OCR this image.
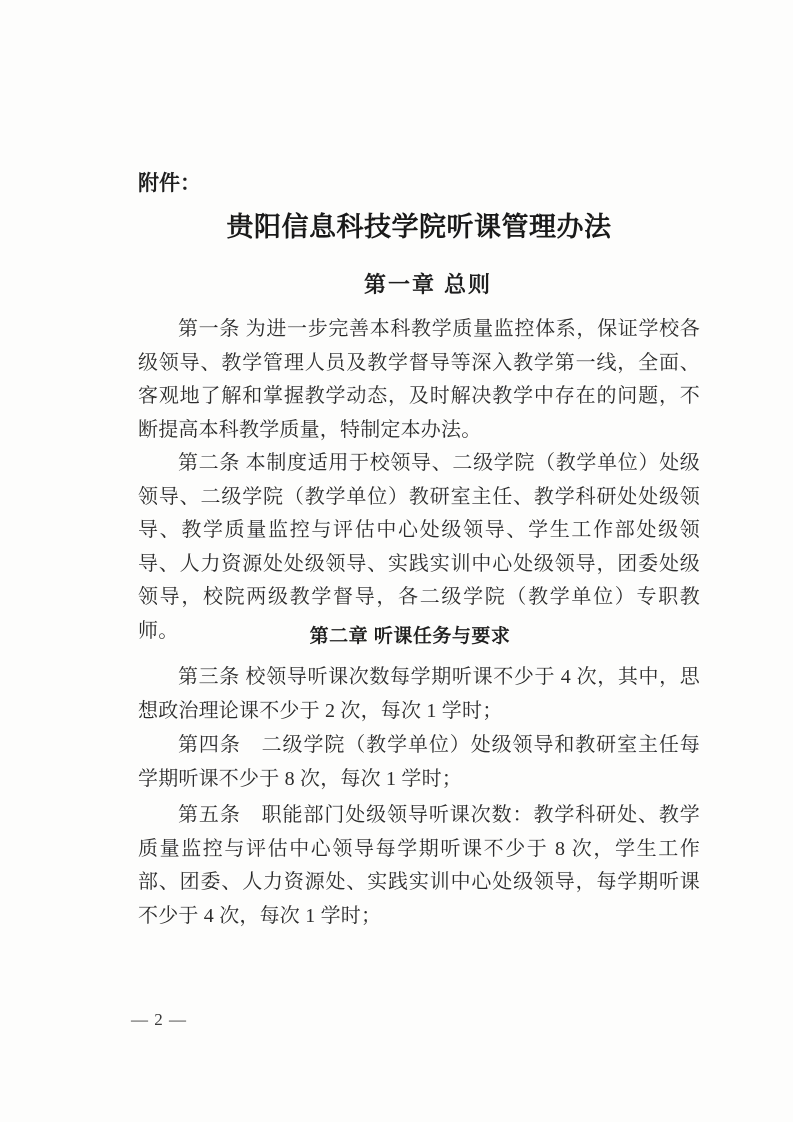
附件：
贵阳信息科技学院听课管理办法
第一章 总则

第一条 为进一步完善本科教学质量监控体系，保证学校各级领导、教学管理人员及教学督导等深入教学第一线，全面、客观地了解和掌握教学动态，及时解决教学中存在的问题，不断提高本科教学质量，特制定本办法。

第二条 本制度适用于校领导、二级学院（教学单位）处级领导、二级学院（教学单位）教研室主任、教学科研处处级领导、教学质量监控与评估中心处级领导、学生工作部处级领导、人力资源处处级领导、实践实训中心处级领导，团委处级领导，校院两级教学督导，各二级学院（教学单位）专职教师。	第二章 听课任务与要求

第三条 校领导听课次数每学期听课不少于 4 次，其中，思想政治理论课不少于 2 次，每次 1 学时；

第四条　二级学院（教学单位）处级领导和教研室主任每学期听课不少于 8 次，每次 1 学时；

第五条　职能部门处级领导听课次数：教学科研处、教学质量监控与评估中心领导每学期听课不少于 8 次，学生工作部、团委、人力资源处、实践实训中心处级领导，每学期听课不少于 4 次，每次 1 学时；

— 2 —
